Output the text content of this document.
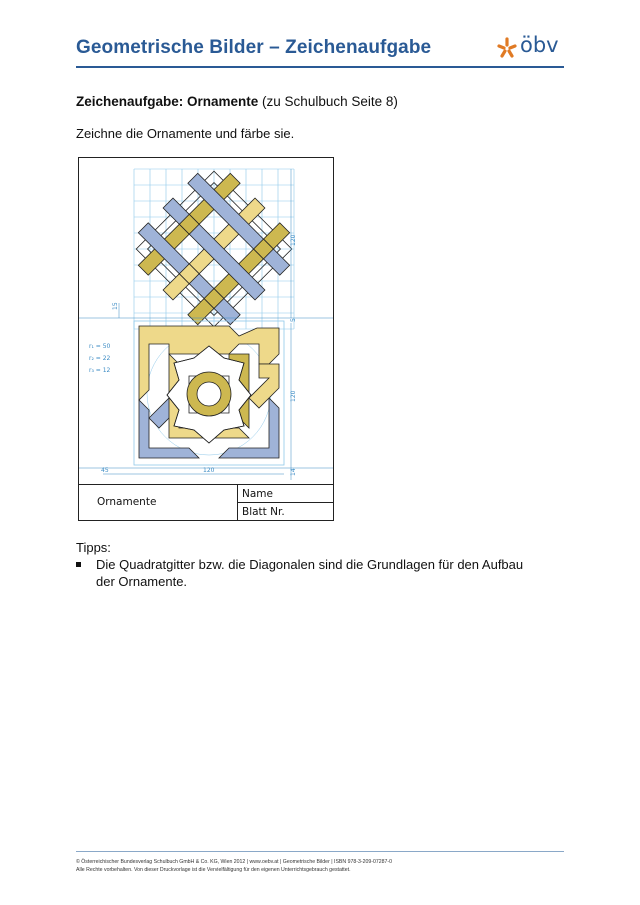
Geometrische Bilder – Zeichenaufgabe	öbv
Zeichenaufgabe: Ornamente (zu Schulbuch Seite 8)
Zeichne die Ornamente und färbe sie.
120
15
5
120
120
45	14
r₁ = 50
r₂ = 22
r₃ = 12
Ornamente
Name
Blatt Nr.
Tipps:
Die Quadratgitter bzw. die Diagonalen sind die Grundlagen für den Aufbau der Ornamente.
© Österreichischer Bundesverlag Schulbuch GmbH & Co. KG, Wien 2012 | www.oebv.at | Geometrische Bilder | ISBN 978-3-209-07287-0
Alle Rechte vorbehalten. Von dieser Druckvorlage ist die Vervielfältigung für den eigenen Unterrichtsgebrauch gestattet.
